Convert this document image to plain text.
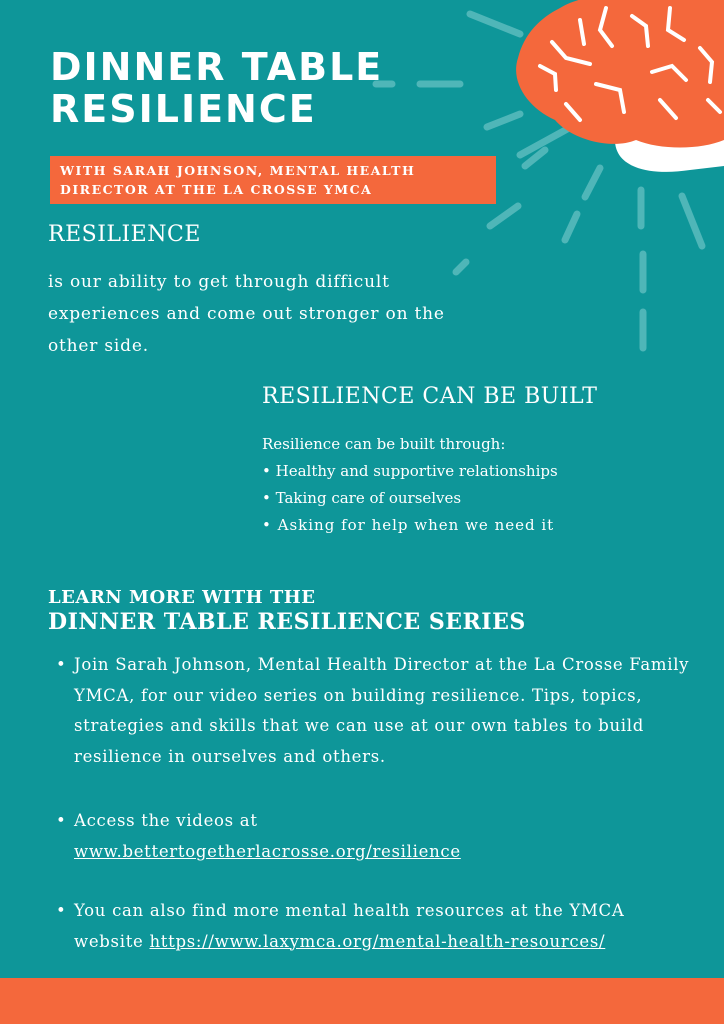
DINNER TABLE
RESILIENCE
WITH SARAH JOHNSON, MENTAL HEALTH
DIRECTOR AT THE LA CROSSE YMCA
RESILIENCE

is our ability to get through difficult experiences and come out stronger on the other side.

RESILIENCE CAN BE BUILT
Resilience can be built through:
• Healthy and supportive relationships
• Taking care of ourselves
• Asking for help when we need it
LEARN MORE WITH THE
DINNER TABLE RESILIENCE SERIES
• Join Sarah Johnson, Mental Health Director at the La Crosse Family YMCA, for our video series on building resilience. Tips, topics, strategies and skills that we can use at our own tables to build resilience in ourselves and others.
• Access the videos at
www.bettertogetherlacrosse.org/resilience
• You can also find more mental health resources at the YMCA website https://www.laxymca.org/mental-health-resources/
